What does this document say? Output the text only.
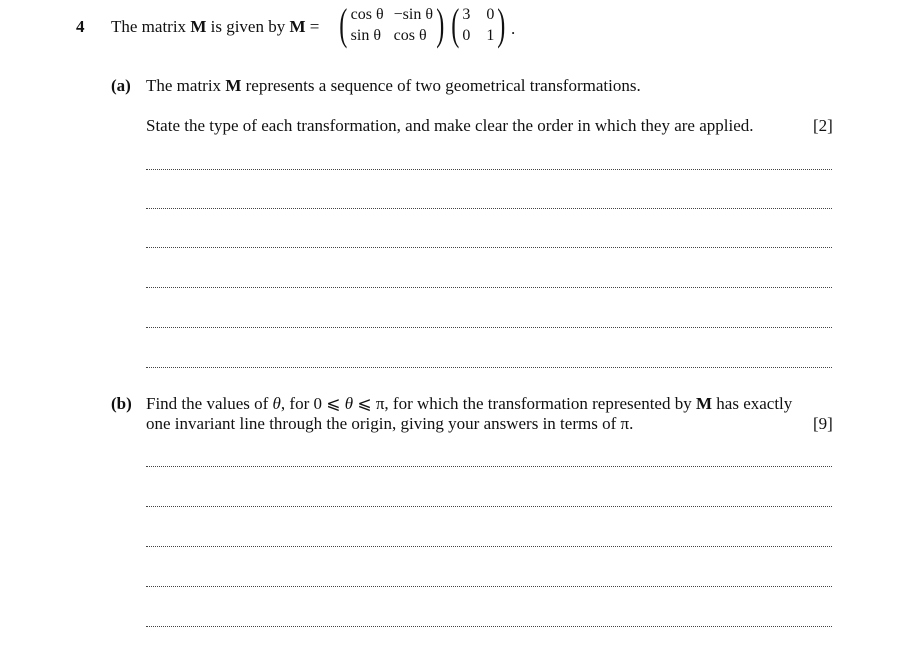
4 The matrix M is given by M = ( cos θ −sin θ
sin θ cos θ ) ( 3 0
0 1 ) .
(a) The matrix M represents a sequence of two geometrical transformations.
State the type of each transformation, and make clear the order in which they are applied.	[2]
(b) Find the values of θ, for 0 ⩽ θ ⩽ π, for which the transformation represented by M has exactly
one invariant line through the origin, giving your answers in terms of π.	[9]
